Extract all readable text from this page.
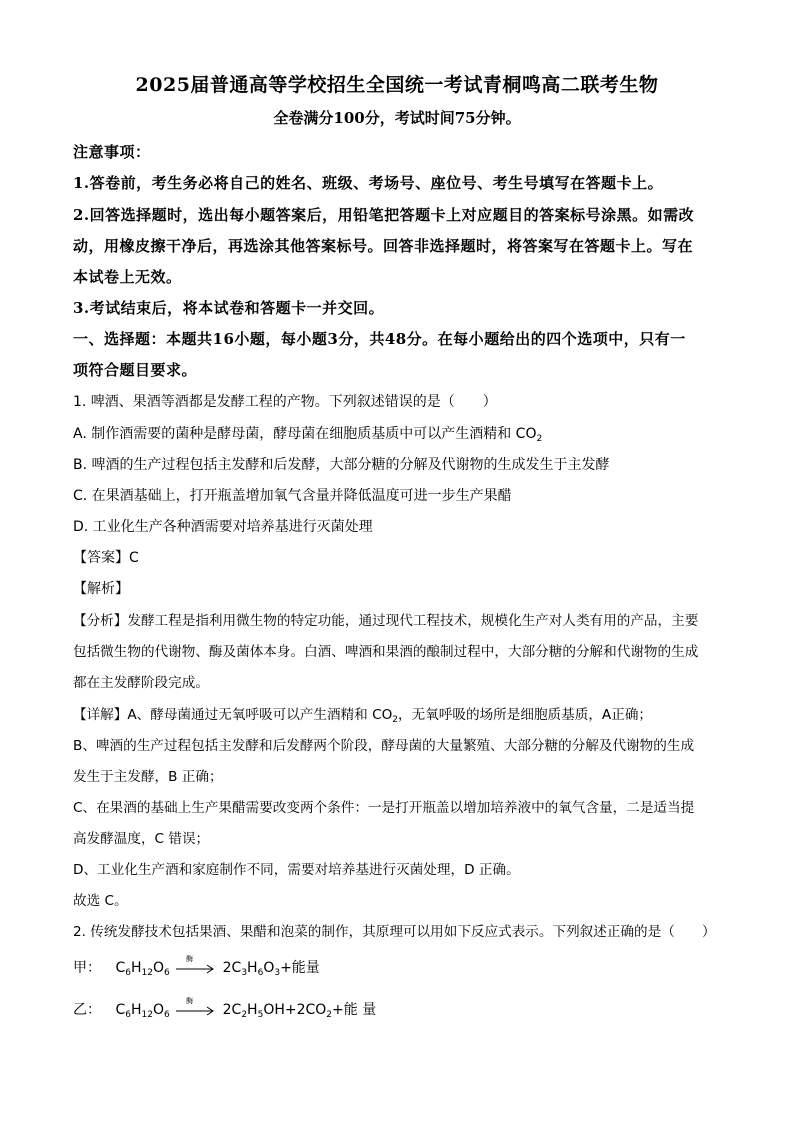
2025届普通高等学校招生全国统一考试青桐鸣高二联考生物
全卷满分100分，考试时间75分钟。
注意事项：
1.答卷前，考生务必将自己的姓名、班级、考场号、座位号、考生号填写在答题卡上。
2.回答选择题时，选出每小题答案后，用铅笔把答题卡上对应题目的答案标号涂黑。如需改
动，用橡皮擦干净后，再选涂其他答案标号。回答非选择题时，将答案写在答题卡上。写在
本试卷上无效。
3.考试结束后，将本试卷和答题卡一并交回。
一、选择题：本题共16小题，每小题3分，共48分。在每小题给出的四个选项中，只有一
项符合题目要求。
1. 啤酒、果酒等酒都是发酵工程的产物。下列叙述错误的是（　　）
A. 制作酒需要的菌种是酵母菌，酵母菌在细胞质基质中可以产生酒精和 $CO_2$
B. 啤酒的生产过程包括主发酵和后发酵，大部分糖的分解及代谢物的生成发生于主发酵
C. 在果酒基础上，打开瓶盖增加氧气含量并降低温度可进一步生产果醋
D. 工业化生产各种酒需要对培养基进行灭菌处理
【答案】C
【解析】
【分析】发酵工程是指利用微生物的特定功能，通过现代工程技术，规模化生产对人类有用的产品，主要
包括微生物的代谢物、酶及菌体本身。白酒、啤酒和果酒的酿制过程中，大部分糖的分解和代谢物的生成
都在主发酵阶段完成。
【详解】A、酵母菌通过无氧呼吸可以产生酒精和 $CO_2$，无氧呼吸的场所是细胞质基质，A正确；
B、啤酒的生产过程包括主发酵和后发酵两个阶段，酵母菌的大量繁殖、大部分糖的分解及代谢物的生成
发生于主发酵，B 正确；
C、在果酒的基础上生产果醋需要改变两个条件：一是打开瓶盖以增加培养液中的氧气含量，二是适当提
高发酵温度，C 错误；
D、工业化生产酒和家庭制作不同，需要对培养基进行灭菌处理，D 正确。
故选 C。
2. 传统发酵技术包括果酒、果醋和泡菜的制作，其原理可以用如下反应式表示。下列叙述正确的是（　　）
甲： $C_6H_{12}O_6$
酶
$2C_3H_6O_3+$能量
乙： $C_6H_{12}O_6$
酶
$2C_2H_5OH+2CO_2+$能 量
